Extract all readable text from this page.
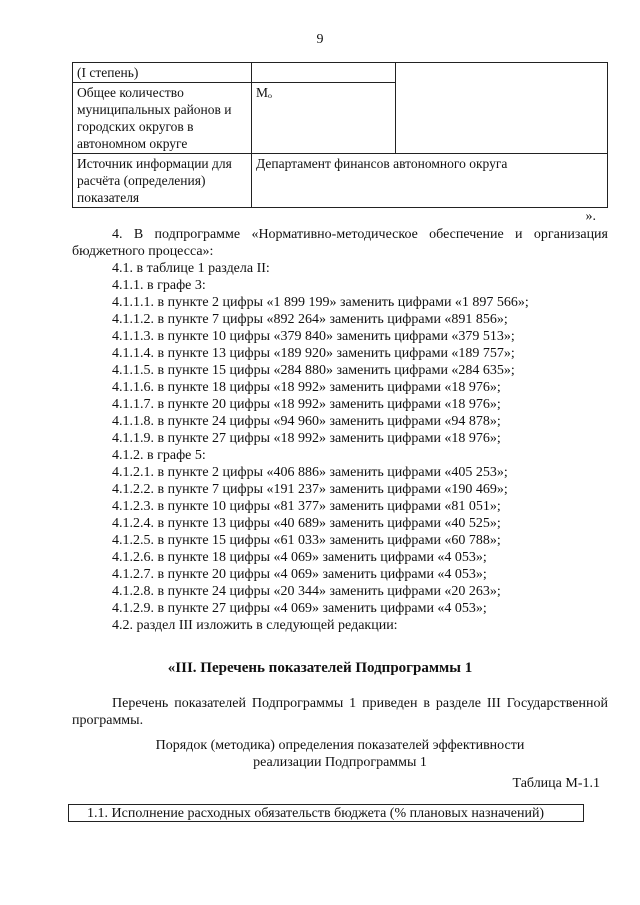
9
(I степень)		
Общее количество муниципальных районов и городских округов в автономном округе	Mₒ	
Источник информации для расчёта (определения) показателя	Департамент финансов автономного округа	
».

4. В подпрограмме «Нормативно-методическое обеспечение и организация бюджетного процесса»:

4.1. в таблице 1 раздела II:

4.1.1. в графе 3:

4.1.1.1. в пункте 2 цифры «1 899 199» заменить цифрами «1 897 566»;

4.1.1.2. в пункте 7 цифры «892 264» заменить цифрами «891 856»;

4.1.1.3. в пункте 10 цифры «379 840» заменить цифрами «379 513»;

4.1.1.4. в пункте 13 цифры «189 920» заменить цифрами «189 757»;

4.1.1.5. в пункте 15 цифры «284 880» заменить цифрами «284 635»;

4.1.1.6. в пункте 18 цифры «18 992» заменить цифрами «18 976»;

4.1.1.7. в пункте 20 цифры «18 992» заменить цифрами «18 976»;

4.1.1.8. в пункте 24 цифры «94 960» заменить цифрами «94 878»;

4.1.1.9. в пункте 27 цифры «18 992» заменить цифрами «18 976»;

4.1.2. в графе 5:

4.1.2.1. в пункте 2 цифры «406 886» заменить цифрами «405 253»;

4.1.2.2. в пункте 7 цифры «191 237» заменить цифрами «190 469»;

4.1.2.3. в пункте 10 цифры «81 377» заменить цифрами «81 051»;

4.1.2.4. в пункте 13 цифры «40 689» заменить цифрами «40 525»;

4.1.2.5. в пункте 15 цифры «61 033» заменить цифрами «60 788»;

4.1.2.6. в пункте 18 цифры «4 069» заменить цифрами «4 053»;

4.1.2.7. в пункте 20 цифры «4 069» заменить цифрами «4 053»;

4.1.2.8. в пункте 24 цифры «20 344» заменить цифрами «20 263»;

4.1.2.9. в пункте 27 цифры «4 069» заменить цифрами «4 053»;

4.2. раздел III изложить в следующей редакции:

«III. Перечень показателей Подпрограммы 1
Перечень показателей Подпрограммы 1 приведен в разделе III Государственной программы.
Порядок (методика) определения показателей эффективности
реализации Подпрограммы 1
Таблица М-1.1
1.1. Исполнение расходных обязательств бюджета (% плановых назначений)
